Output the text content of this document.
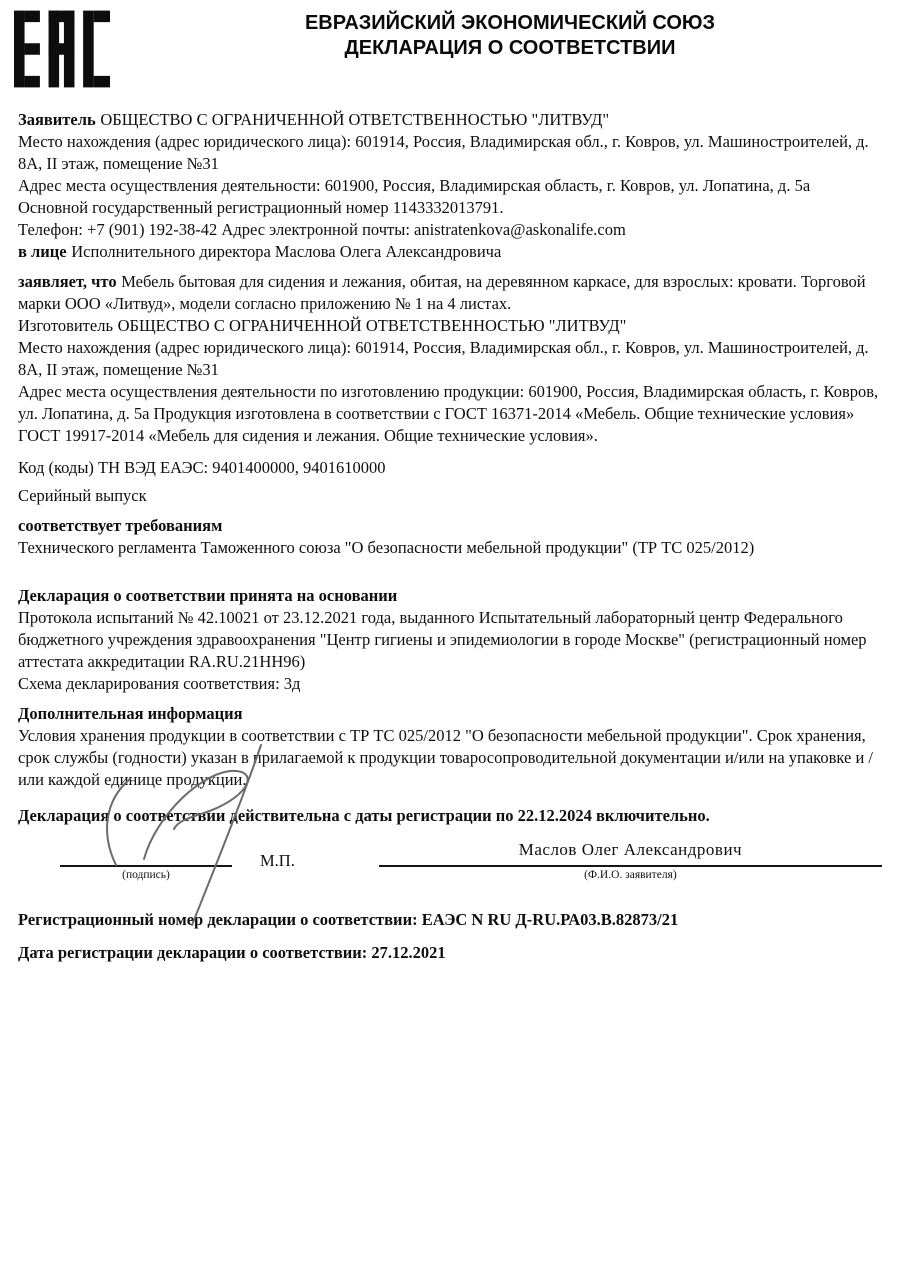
ЕВРАЗИЙСКИЙ ЭКОНОМИЧЕСКИЙ СОЮЗ
ДЕКЛАРАЦИЯ О СООТВЕТСТВИИ

Заявитель ОБЩЕСТВО С ОГРАНИЧЕННОЙ ОТВЕТСТВЕННОСТЬЮ "ЛИТВУД"

Место нахождения (адрес юридического лица): 601914, Россия, Владимирская обл., г. Ковров, ул. Машиностроителей, д. 8А, II этаж, помещение №31

Адрес места осуществления деятельности: 601900, Россия, Владимирская область, г. Ковров, ул. Лопатина, д. 5а

Основной государственный регистрационный номер 1143332013791.

Телефон: +7 (901) 192-38-42 Адрес электронной почты: anistratenkova@askonalife.com

в лице Исполнительного директора Маслова Олега Александровича

заявляет, что Мебель бытовая для сидения и лежания, обитая, на деревянном каркасе, для взрослых: кровати. Торговой марки ООО «Литвуд», модели согласно приложению № 1 на 4 листах.

Изготовитель ОБЩЕСТВО С ОГРАНИЧЕННОЙ ОТВЕТСТВЕННОСТЬЮ "ЛИТВУД"

Место нахождения (адрес юридического лица): 601914, Россия, Владимирская обл., г. Ковров, ул. Машиностроителей, д. 8А, II этаж, помещение №31

Адрес места осуществления деятельности по изготовлению продукции: 601900, Россия, Владимирская область, г. Ковров, ул. Лопатина, д. 5а Продукция изготовлена в соответствии с ГОСТ 16371-2014 «Мебель. Общие технические условия»

ГОСТ 19917-2014 «Мебель для сидения и лежания. Общие технические условия».

Код (коды) ТН ВЭД ЕАЭС: 9401400000, 9401610000

Серийный выпуск

соответствует требованиям

Технического регламента Таможенного союза "О безопасности мебельной продукции" (ТР ТС 025/2012)

Декларация о соответствии принята на основании

Протокола испытаний № 42.10021 от 23.12.2021 года, выданного Испытательный лабораторный центр Федерального бюджетного учреждения здравоохранения "Центр гигиены и эпидемиологии в городе Москве" (регистрационный номер аттестата аккредитации RA.RU.21НН96)

Схема декларирования соответствия: 3д

Дополнительная информация

Условия хранения продукции в соответствии с ТР ТС 025/2012 "О безопасности мебельной продукции". Срок хранения, срок службы (годности) указан в прилагаемой к продукции товаросопроводительной документации и/или на упаковке и /или каждой единице продукции.

Декларация о соответствии действительна с даты регистрации по 22.12.2024 включительно.

(подпись)
М.П.
Маслов Олег Александрович
(Ф.И.О. заявителя)

Регистрационный номер декларации о соответствии: ЕАЭС N RU Д-RU.РА03.В.82873/21

Дата регистрации декларации о соответствии: 27.12.2021
